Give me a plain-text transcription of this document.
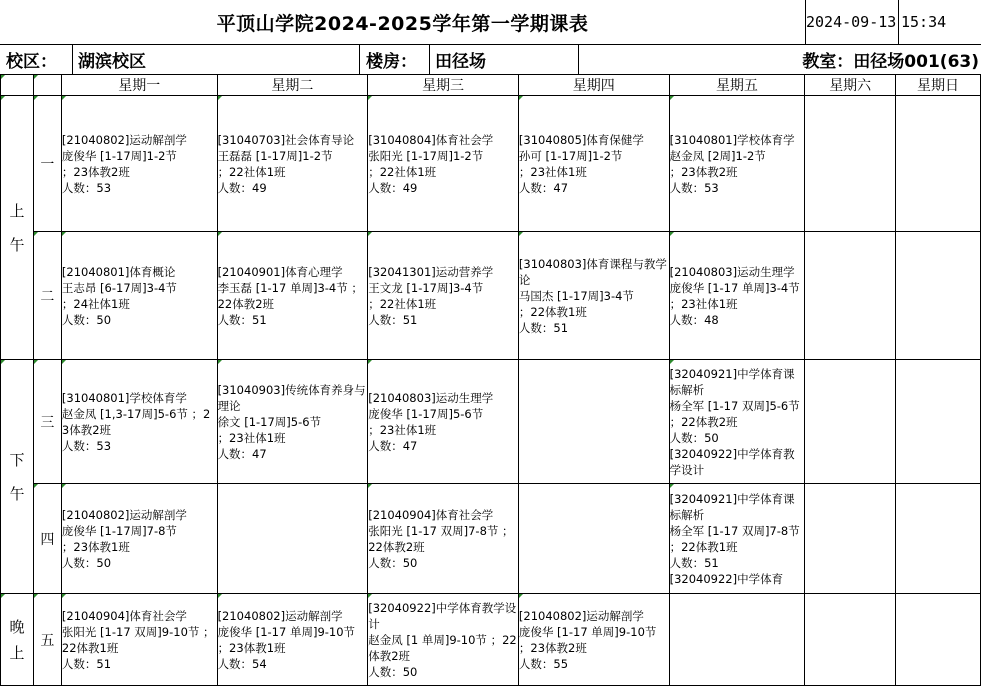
平顶山学院2024-2025学年第一学期课表	2024-09-13 15:34
校区：	湖滨校区	楼房：	田径场	教室：田径场001(63)
		星期一	星期二	星期三	星期四	星期五	星期六	星期日
上
午	一	[21040802]运动解剖学
庞俊华 [1-17周]1-2节
；23体教2班
人数：53	[31040703]社会体育导论
王磊磊 [1-17周]1-2节
；22社体1班
人数：49	[31040804]体育社会学
张阳光 [1-17周]1-2节
；22社体1班
人数：49	[31040805]体育保健学
孙可 [1-17周]1-2节
；23社体1班
人数：47	[31040801]学校体育学
赵金凤 [2周]1-2节
；23体教2班
人数：53		

	二	[21040801]体育概论
王志昂 [6-17周]3-4节
；24社体1班
人数：50	[21040901]体育心理学
李玉磊 [1-17 单周]3-4节 ；22体教2班
人数：51	[32041301]运动营养学
王文龙 [1-17周]3-4节
；22社体1班
人数：51	[31040803]体育课程与教学论
马国杰 [1-17周]3-4节
；22体教1班
人数：51	[21040803]运动生理学
庞俊华 [1-17 单周]3-4节 ；23社体1班
人数：48		

下
午	三	[31040801]学校体育学
赵金凤 [1,3-17周]5-6节 ；23体教2班
人数：53	[31040903]传统体育养身与理论
徐文 [1-17周]5-6节
；23社体1班
人数：47	[21040803]运动生理学
庞俊华 [1-17周]5-6节
；23社体1班
人数：47		[32040921]中学体育课标解析
杨全军 [1-17 双周]5-6节 ；22体教2班
人数：50
[32040922]中学体育教学设计		

	四	[21040802]运动解剖学
庞俊华 [1-17周]7-8节
；23体教1班
人数：50		[21040904]体育社会学
张阳光 [1-17 双周]7-8节 ；22体教2班
人数：50		[32040921]中学体育课标解析
杨全军 [1-17 双周]7-8节 ；22体教1班
人数：51
[32040922]中学体育		

晚
上	五	[21040904]体育社会学
张阳光 [1-17 双周]9-10节 ；22体教1班
人数：51	[21040802]运动解剖学
庞俊华 [1-17 单周]9-10节 ；23体教1班
人数：54	[32040922]中学体育教学设计
赵金凤 [1 单周]9-10节 ；22体教2班
人数：50	[21040802]运动解剖学
庞俊华 [1-17 单周]9-10节 ；23体教2班
人数：55			
